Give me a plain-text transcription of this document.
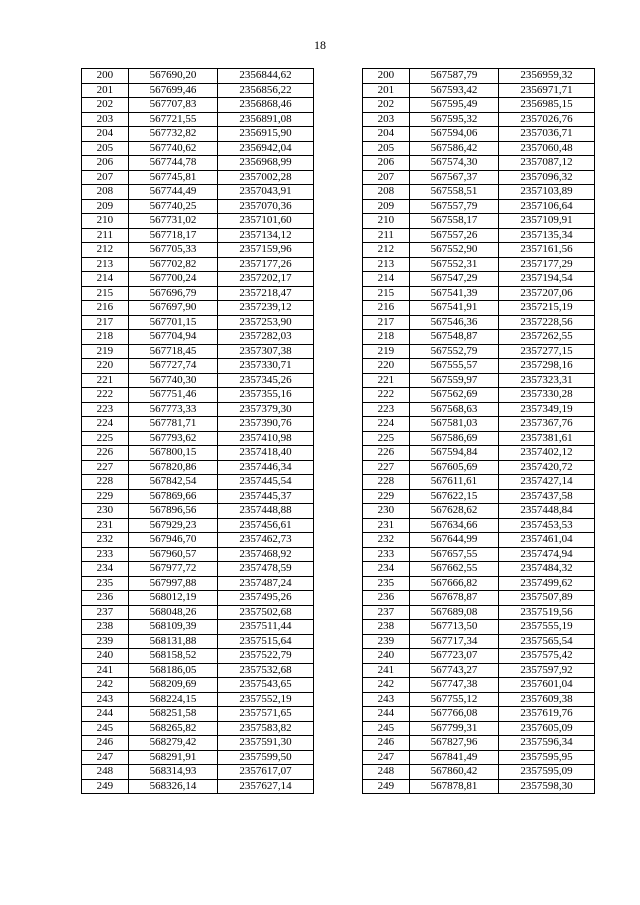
18
200	567690,20	2356844,62		200	567587,79	2356959,32
201	567699,46	2356856,22		201	567593,42	2356971,71
202	567707,83	2356868,46		202	567595,49	2356985,15
203	567721,55	2356891,08		203	567595,32	2357026,76
204	567732,82	2356915,90		204	567594,06	2357036,71
205	567740,62	2356942,04		205	567586,42	2357060,48
206	567744,78	2356968,99		206	567574,30	2357087,12
207	567745,81	2357002,28		207	567567,37	2357096,32
208	567744,49	2357043,91		208	567558,51	2357103,89
209	567740,25	2357070,36		209	567557,79	2357106,64
210	567731,02	2357101,60		210	567558,17	2357109,91
211	567718,17	2357134,12		211	567557,26	2357135,34
212	567705,33	2357159,96		212	567552,90	2357161,56
213	567702,82	2357177,26		213	567552,31	2357177,29
214	567700,24	2357202,17		214	567547,29	2357194,54
215	567696,79	2357218,47		215	567541,39	2357207,06
216	567697,90	2357239,12		216	567541,91	2357215,19
217	567701,15	2357253,90		217	567546,36	2357228,56
218	567704,94	2357282,03		218	567548,87	2357262,55
219	567718,45	2357307,38		219	567552,79	2357277,15
220	567727,74	2357330,71		220	567555,57	2357298,16
221	567740,30	2357345,26		221	567559,97	2357323,31
222	567751,46	2357355,16		222	567562,69	2357330,28
223	567773,33	2357379,30		223	567568,63	2357349,19
224	567781,71	2357390,76		224	567581,03	2357367,76
225	567793,62	2357410,98		225	567586,69	2357381,61
226	567800,15	2357418,40		226	567594,84	2357402,12
227	567820,86	2357446,34		227	567605,69	2357420,72
228	567842,54	2357445,54		228	567611,61	2357427,14
229	567869,66	2357445,37		229	567622,15	2357437,58
230	567896,56	2357448,88		230	567628,62	2357448,84
231	567929,23	2357456,61		231	567634,66	2357453,53
232	567946,70	2357462,73		232	567644,99	2357461,04
233	567960,57	2357468,92		233	567657,55	2357474,94
234	567977,72	2357478,59		234	567662,55	2357484,32
235	567997,88	2357487,24		235	567666,82	2357499,62
236	568012,19	2357495,26		236	567678,87	2357507,89
237	568048,26	2357502,68		237	567689,08	2357519,56
238	568109,39	2357511,44		238	567713,50	2357555,19
239	568131,88	2357515,64		239	567717,34	2357565,54
240	568158,52	2357522,79		240	567723,07	2357575,42
241	568186,05	2357532,68		241	567743,27	2357597,92
242	568209,69	2357543,65		242	567747,38	2357601,04
243	568224,15	2357552,19		243	567755,12	2357609,38
244	568251,58	2357571,65		244	567766,08	2357619,76
245	568265,82	2357583,82		245	567799,31	2357605,09
246	568279,42	2357591,30		246	567827,96	2357596,34
247	568291,91	2357599,50		247	567841,49	2357595,95
248	568314,93	2357617,07		248	567860,42	2357595,09
249	568326,14	2357627,14		249	567878,81	2357598,30
